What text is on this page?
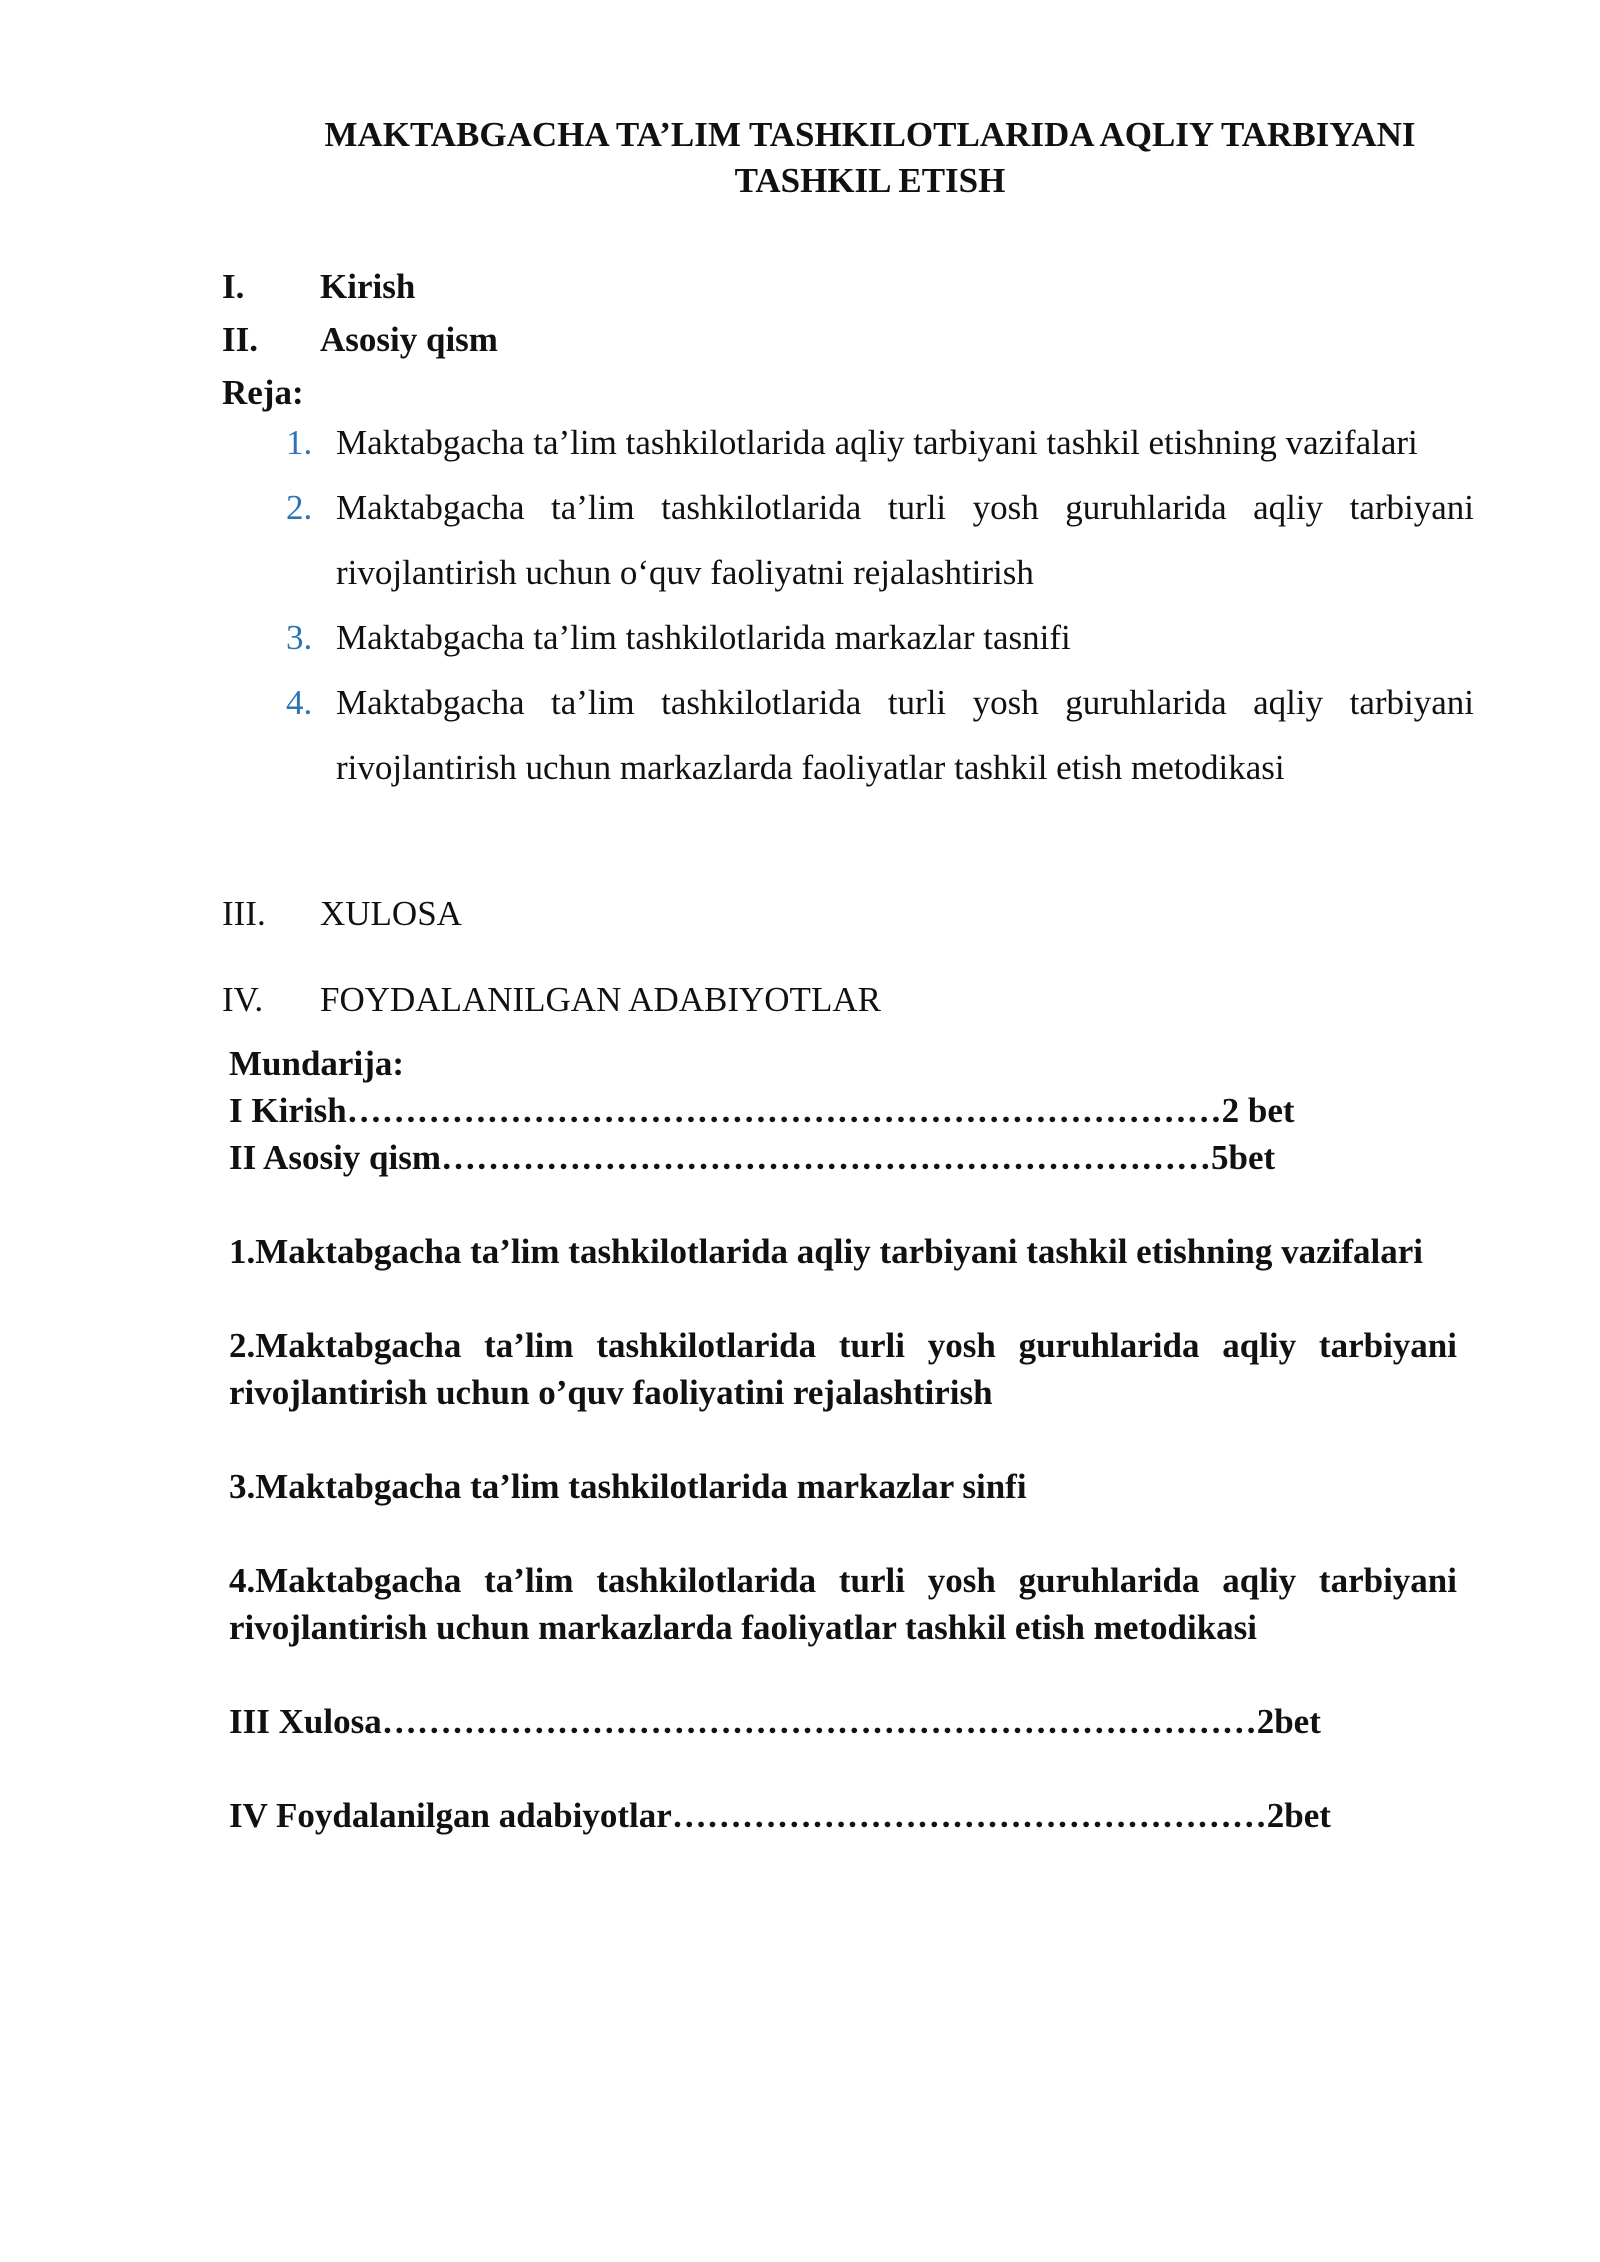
MAKTABGACHA TA’LIM TASHKILOTLARIDA AQLIY TARBIYANI TASHKIL ETISH
I. Kirish
II. Asosiy qism
Reja:
1. Maktabgacha ta’lim tashkilotlarida aqliy tarbiyani tashkil etishning vazifalari
2. Maktabgacha ta’lim tashkilotlarida turli yosh guruhlarida aqliy tarbiyani rivojlantirish uchun o‘quv faoliyatni rejalashtirish
3. Maktabgacha ta’lim tashkilotlarida markazlar tasnifi
4. Maktabgacha ta’lim tashkilotlarida turli yosh guruhlarida aqliy tarbiyani rivojlantirish uchun markazlarda faoliyatlar tashkil etish metodikasi
III. XULOSA
IV. FOYDALANILGAN ADABIYOTLAR
Mundarija:
I Kirish…………………………………………………………………2 bet
II Asosiy qism…………………………………………………………5bet
1.Maktabgacha ta’lim tashkilotlarida aqliy tarbiyani tashkil etishning vazifalari
2.Maktabgacha ta’lim tashkilotlarida turli yosh guruhlarida aqliy tarbiyani rivojlantirish uchun o’quv faoliyatini rejalashtirish
3.Maktabgacha ta’lim tashkilotlarida markazlar sinfi
4.Maktabgacha ta’lim tashkilotlarida turli yosh guruhlarida aqliy tarbiyani rivojlantirish uchun markazlarda faoliyatlar tashkil etish metodikasi
III Xulosa…………………………………………………………………2bet
IV Foydalanilgan adabiyotlar……………………………………………2bet
